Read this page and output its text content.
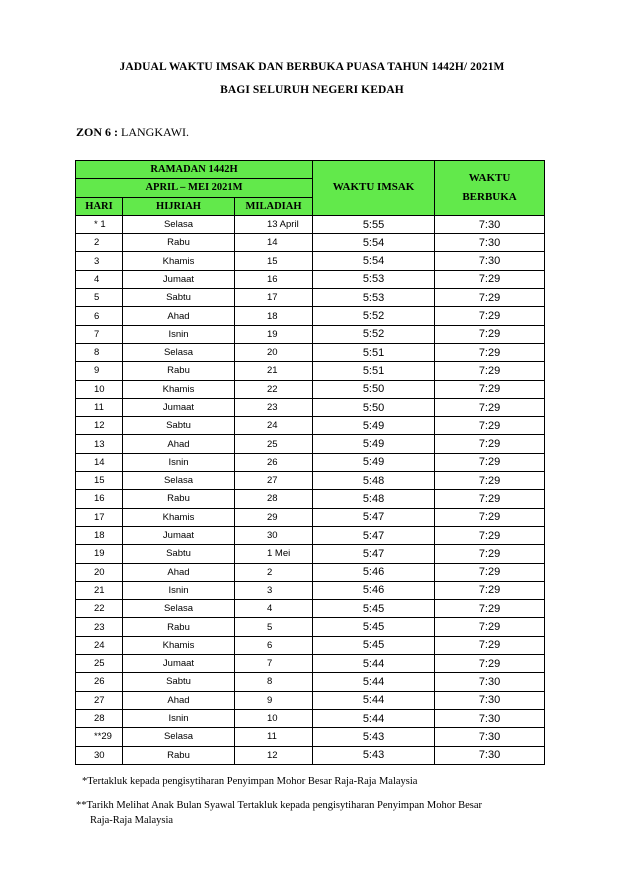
JADUAL WAKTU IMSAK DAN BERBUKA PUASA TAHUN 1442H/ 2021M
BAGI SELURUH NEGERI KEDAH
ZON 6 : LANGKAWI.
RAMADAN 1442H			WAKTU IMSAK	WAKTU
BERBUKA
APRIL – MEI 2021M				
HARI	HIJRIAH	MILADIAH		
* 1	Selasa	13 April	5:55	7:30
2	Rabu	14	5:54	7:30
3	Khamis	15	5:54	7:30
4	Jumaat	16	5:53	7:29
5	Sabtu	17	5:53	7:29
6	Ahad	18	5:52	7:29
7	Isnin	19	5:52	7:29
8	Selasa	20	5:51	7:29
9	Rabu	21	5:51	7:29
10	Khamis	22	5:50	7:29
11	Jumaat	23	5:50	7:29
12	Sabtu	24	5:49	7:29
13	Ahad	25	5:49	7:29
14	Isnin	26	5:49	7:29
15	Selasa	27	5:48	7:29
16	Rabu	28	5:48	7:29
17	Khamis	29	5:47	7:29
18	Jumaat	30	5:47	7:29
19	Sabtu	1 Mei	5:47	7:29
20	Ahad	2	5:46	7:29
21	Isnin	3	5:46	7:29
22	Selasa	4	5:45	7:29
23	Rabu	5	5:45	7:29
24	Khamis	6	5:45	7:29
25	Jumaat	7	5:44	7:29
26	Sabtu	8	5:44	7:30
27	Ahad	9	5:44	7:30
28	Isnin	10	5:44	7:30
**29	Selasa	11	5:43	7:30
30	Rabu	12	5:43	7:30
*Tertakluk kepada pengisytiharan Penyimpan Mohor Besar Raja-Raja Malaysia
**Tarikh Melihat Anak Bulan Syawal Tertakluk kepada pengisytiharan Penyimpan Mohor Besar
Raja-Raja Malaysia
